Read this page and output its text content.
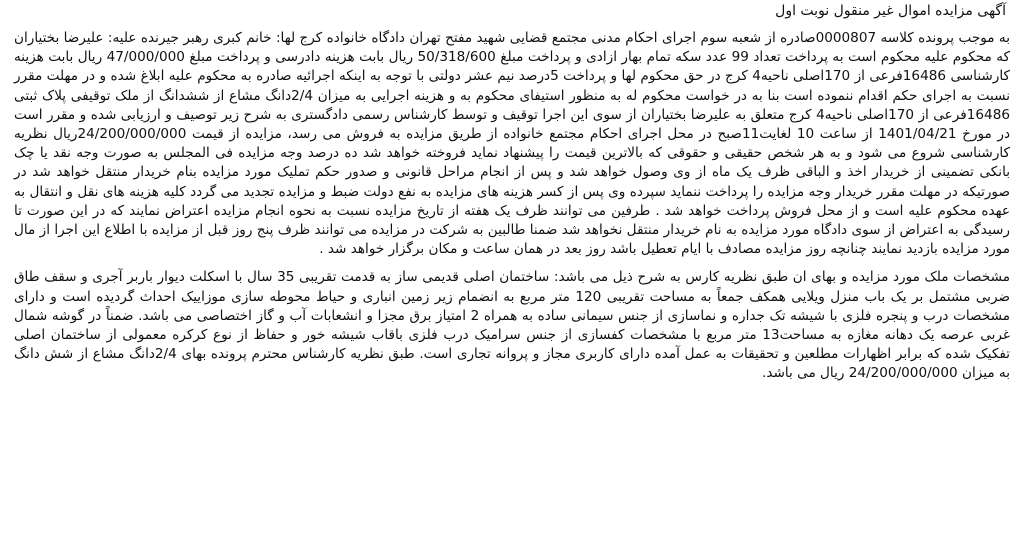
آگهی مزایده اموال غیر منقول نوبت اول

به موجب پرونده کلاسه 0000807صادره از شعبه سوم اجرای احکام مدنی مجتمع قضایی شهید مفتح تهران دادگاه خانواده کرج لها: خانم کبری رهبر جیرنده علیه: علیرضا بختیاران که محکوم علیه محکوم است به پرداخت تعداد 99 عدد سکه تمام بهار ازادی و پرداخت مبلغ 50/318/600 ریال بابت هزینه دادرسی و پرداخت مبلغ 47/000/000 ریال بابت هزینه کارشناسی 16486فرعی از 170اصلی ناحیه4 کرج در حق محکوم لها و پرداخت 5درصد نیم عشر دولتی با توجه به اینکه اجرائیه صادره به محکوم علیه ابلاغ شده و در مهلت مقرر نسبت به اجرای حکم اقدام ننموده است بنا به در خواست محکوم له به منظور استیفای محکوم به و هزینه اجرایی به میزان 2/4دانگ مشاع از ششدانگ از ملک توقیفی پلاک ثبتی 16486فرعی از 170اصلی ناحیه4 کرج متعلق به علیرضا بختیاران از سوی این اجرا توقیف و توسط کارشناس رسمی دادگستری به شرح زیر توصیف و ارزیابی شده و مقرر است در مورخ 1401/04/21 از ساعت 10 لغایت11صبح در محل اجرای احکام مجتمع خانواده از طریق مزایده به فروش می رسد، مزایده از قیمت 24/200/000/000ریال نظریه کارشناسی شروع می شود و به هر شخص حقیقی و حقوقی که بالاترین قیمت را پیشنهاد نماید فروخته خواهد شد ده درصد وجه مزایده فی المجلس به صورت وجه نقد یا چک بانکی تضمینی از خریدار اخذ و الباقی ظرف یک ماه از وی وصول خواهد شد و پس از انجام مراحل قانونی و صدور حکم تملیک مورد مزایده بنام خریدار منتقل خواهد شد در صورتیکه در مهلت مقرر خریدار وجه مزایده را پرداخت ننماید سپرده وی پس از کسر هزینه های مزایده به نفع دولت ضبط و مزایده تجدید می گردد کلیه هزینه های نقل و انتقال به عهده محکوم علیه است و از محل فروش پرداخت خواهد شد . طرفین می توانند ظرف یک هفته از تاریخ مزایده نسبت به نحوه انجام مزایده اعتراض نمایند که در این صورت تا رسیدگی به اعتراض از سوی دادگاه مورد مزایده به نام خریدار منتقل نخواهد شد ضمنا طالبین به شرکت در مزایده می توانند ظرف پنج روز قبل از مزایده با اطلاع این اجرا از مال مورد مزایده بازدید نمایند چنانچه روز مزایده مصادف با ایام تعطیل باشد روز بعد در همان ساعت و مکان برگزار خواهد شد .

مشخصات ملک مورد مزایده و بهای ان طبق نظریه کارس به شرح ذیل می باشد: ساختمان اصلی قدیمی ساز به قدمت تقریبی 35 سال با اسکلت دیوار باربر آجری و سقف طاق ضربی مشتمل بر یک باب منزل ویلایی همکف جمعاً به مساحت تقریبی 120 متر مربع به انضمام زیر زمین انباری و حیاط محوطه سازی موزاییک احداث گردیده است و دارای مشخصات درب و پنجره فلزی با شیشه تک جداره و نماسازی از جنس سیمانی ساده به همراه 2 امتیاز برق مجزا و انشعابات آب و گاز اختصاصی می باشد. ضمناً در گوشه شمال غربی عرصه یک دهانه مغازه به مساحت13 متر مربع با مشخصات کفسازی از جنس سرامیک درب فلزی باقاب شیشه خور و حفاظ از نوع کرکره معمولی از ساختمان اصلی تفکیک شده که برابر اظهارات مطلعین و تحقیقات به عمل آمده دارای کاربری مجاز و پروانه تجاری است. طبق نظریه کارشناس محترم پرونده بهای 2/4دانگ مشاع از شش دانگ به میزان 24/200/000/000 ریال می باشد.
